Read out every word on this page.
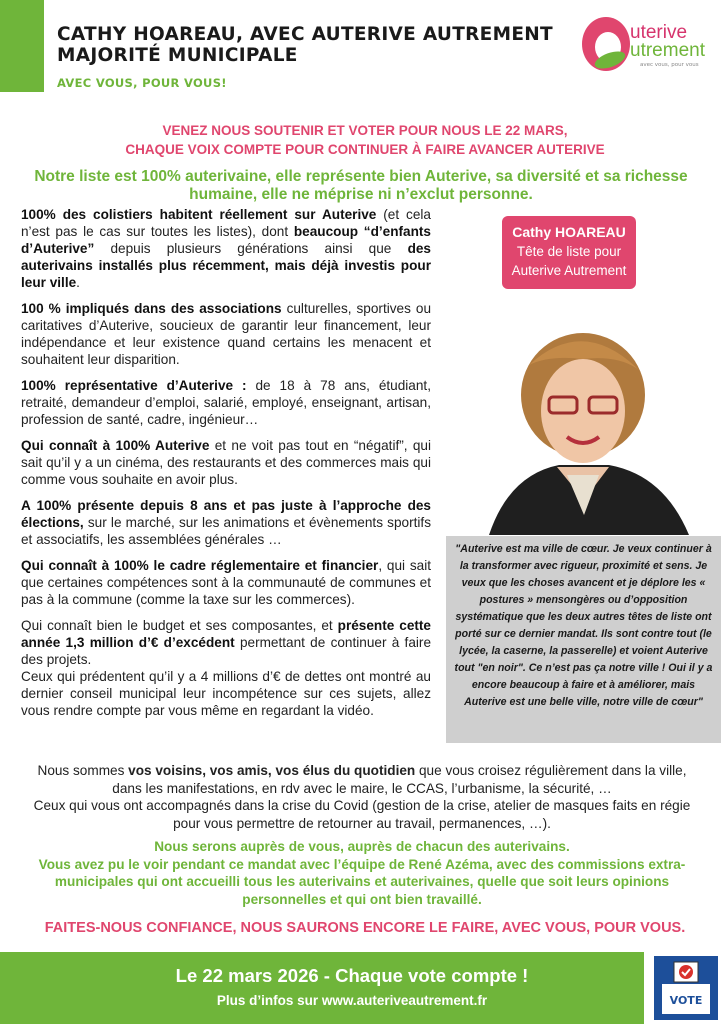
CATHY HOAREAU, AVEC AUTERIVE AUTREMENT
MAJORITÉ MUNICIPALE
AVEC VOUS, POUR VOUS!
uterive
utrement
avec vous, pour vous
VENEZ NOUS SOUTENIR ET VOTER POUR NOUS LE 22 MARS,
CHAQUE VOIX COMPTE POUR CONTINUER À FAIRE AVANCER AUTERIVE
Notre liste est 100% auterivaine, elle représente bien Auterive, sa diversité et sa richesse humaine, elle ne méprise ni n’exclut personne.

100% des colistiers habitent réellement sur Auterive (et cela n’est pas le cas sur toutes les listes), dont beaucoup “d’enfants d’Auterive” depuis plusieurs générations ainsi que des auterivains installés plus récemment, mais déjà investis pour leur ville.

100 % impliqués dans des associations culturelles, sportives ou caritatives d’Auterive, soucieux de garantir leur financement, leur indépendance et leur existence quand certains les menacent et souhaitent leur disparition.

100% représentative d’Auterive : de 18 à 78 ans, étudiant, retraité, demandeur d’emploi, salarié, employé, enseignant, artisan, profession de santé, cadre, ingénieur…

Qui connaît à 100% Auterive et ne voit pas tout en “négatif”, qui sait qu’il y a un cinéma, des restaurants et des commerces mais qui comme vous souhaite en avoir plus.

A 100% présente depuis 8 ans et pas juste à l’approche des élections, sur le marché, sur les animations et évènements sportifs et associatifs, les assemblées générales …

Qui connaît à 100% le cadre réglementaire et financier, qui sait que certaines compétences sont à la communauté de communes et pas à la commune (comme la taxe sur les commerces).

Qui connaît bien le budget et ses composantes, et présente cette année 1,3 million d’€ d’excédent permettant de continuer à faire des projets.

Ceux qui prédentent qu’il y a 4 millions d’€ de dettes ont montré au dernier conseil municipal leur incompétence sur ces sujets, allez vous rendre compte par vous même en regardant la vidéo.

Cathy HOAREAU
Tête de liste pour
Auterive Autrement
"Auterive est ma ville de cœur. Je veux continuer à la transformer avec rigueur, proximité et sens. Je veux que les choses avancent et je déplore les « postures » mensongères ou d’opposition systématique que les deux autres têtes de liste ont porté sur ce dernier mandat. Ils sont contre tout (le lycée, la caserne, la passerelle) et voient Auterive tout "en noir". Ce n’est pas ça notre ville ! Oui il y a encore beaucoup à faire et à améliorer, mais Auterive est une belle ville, notre ville de cœur"

Nous sommes vos voisins, vos amis, vos élus du quotidien que vous croisez régulièrement dans la ville, dans les manifestations, en rdv avec le maire, le CCAS, l’urbanisme, la sécurité, …

Ceux qui vous ont accompagnés dans la crise du Covid (gestion de la crise, atelier de masques faits en régie pour vous permettre de retourner au travail, permanences, …).

Nous serons auprès de vous, auprès de chacun des auterivains.

Vous avez pu le voir pendant ce mandat avec l’équipe de René Azéma, avec des commissions extra-municipales qui ont accueilli tous les auterivains et auterivaines, quelle que soit leurs opinions personnelles et qui ont bien travaillé.

FAITES-NOUS CONFIANCE, NOUS SAURONS ENCORE LE FAIRE, AVEC VOUS, POUR VOUS.
Le 22 mars 2026 - Chaque vote compte !
Plus d’infos sur www.auteriveautrement.fr	VOTE
